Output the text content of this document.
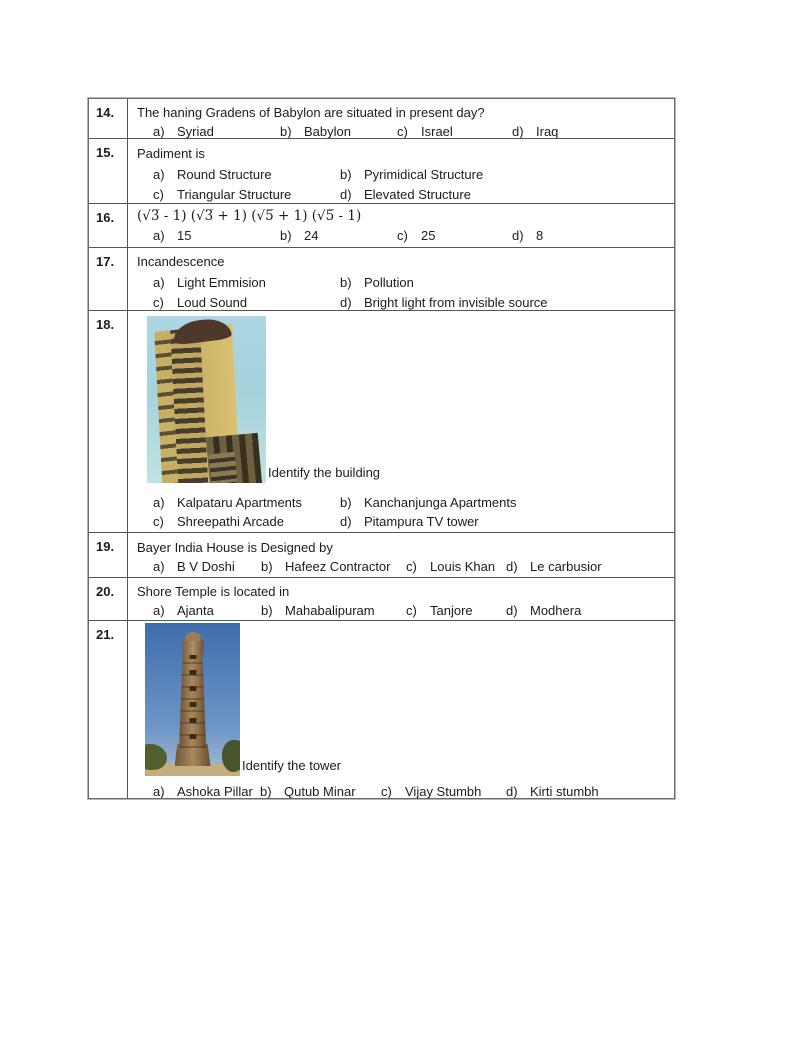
14.	The haning Gradens of Babylon are situated in present day?
a) Syriad	b) Babylon	c) Israel	d) Iraq
15.	Padiment is
a) Round Structure	b) Pyrimidical Structure
c) Triangular Structure	d) Elevated Structure
16.	(√3̅ - 1) (√3̅ + 1) (√5̅ + 1) (√5̅ - 1)
a) 15	b) 24	c) 25	d) 8
17.	Incandescence
a) Light Emmision	b) Pollution
c) Loud Sound	d) Bright light from invisible source
18.
Identify the building
a) Kalpataru Apartments	b) Kanchanjunga Apartments
c) Shreepathi Arcade	d) Pitampura TV tower
19.	Bayer India House is Designed by
a) B V Doshi	b) Hafeez Contractor	c) Louis Khan d) Le carbusior
20.	Shore Temple is located in
a) Ajanta	b) Mahabalipuram	c) Tanjore	d) Modhera
21.
Identify the tower
a) Ashoka Pillar b) Qutub Minar	c) Vijay Stumbh	d) Kirti stumbh
